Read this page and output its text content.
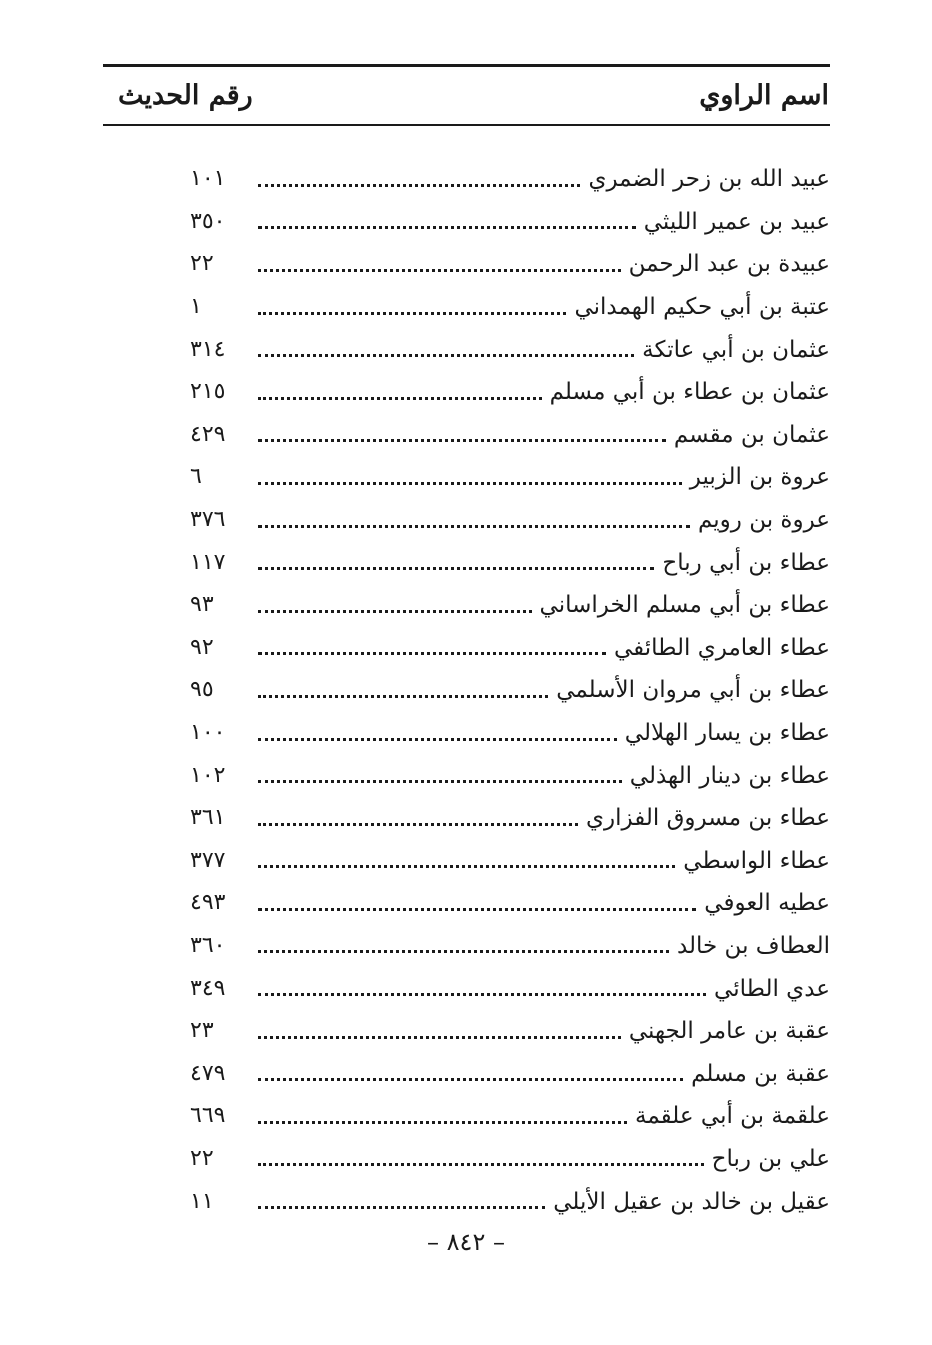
اسم الراوي
رقم الحديث
عبيد الله بن زحر الضمري
١٠١
عبيد بن عمير الليثي
٣٥٠
عبيدة بن عبد الرحمن
٢٢
عتبة بن أبي حكيم الهمداني
١
عثمان بن أبي عاتكة
٣١٤
عثمان بن عطاء بن أبي مسلم
٢١٥
عثمان بن مقسم
٤٢٩
عروة بن الزبير
٦
عروة بن رويم
٣٧٦
عطاء بن أبي رباح
١١٧
عطاء بن أبي مسلم الخراساني
٩٣
عطاء العامري الطائفي
٩٢
عطاء بن أبي مروان الأسلمي
٩٥
عطاء بن يسار الهلالي
١٠٠
عطاء بن دينار الهذلي
١٠٢
عطاء بن مسروق الفزاري
٣٦١
عطاء الواسطي
٣٧٧
عطيه العوفي
٤٩٣
العطاف بن خالد
٣٦٠
عدي الطائي
٣٤٩
عقبة بن عامر الجهني
٢٣
عقبة بن مسلم
٤٧٩
علقمة بن أبي علقمة
٦٦٩
علي بن رباح
٢٢
عقيل بن خالد بن عقيل الأيلي
١١
– ٨٤٢ –
